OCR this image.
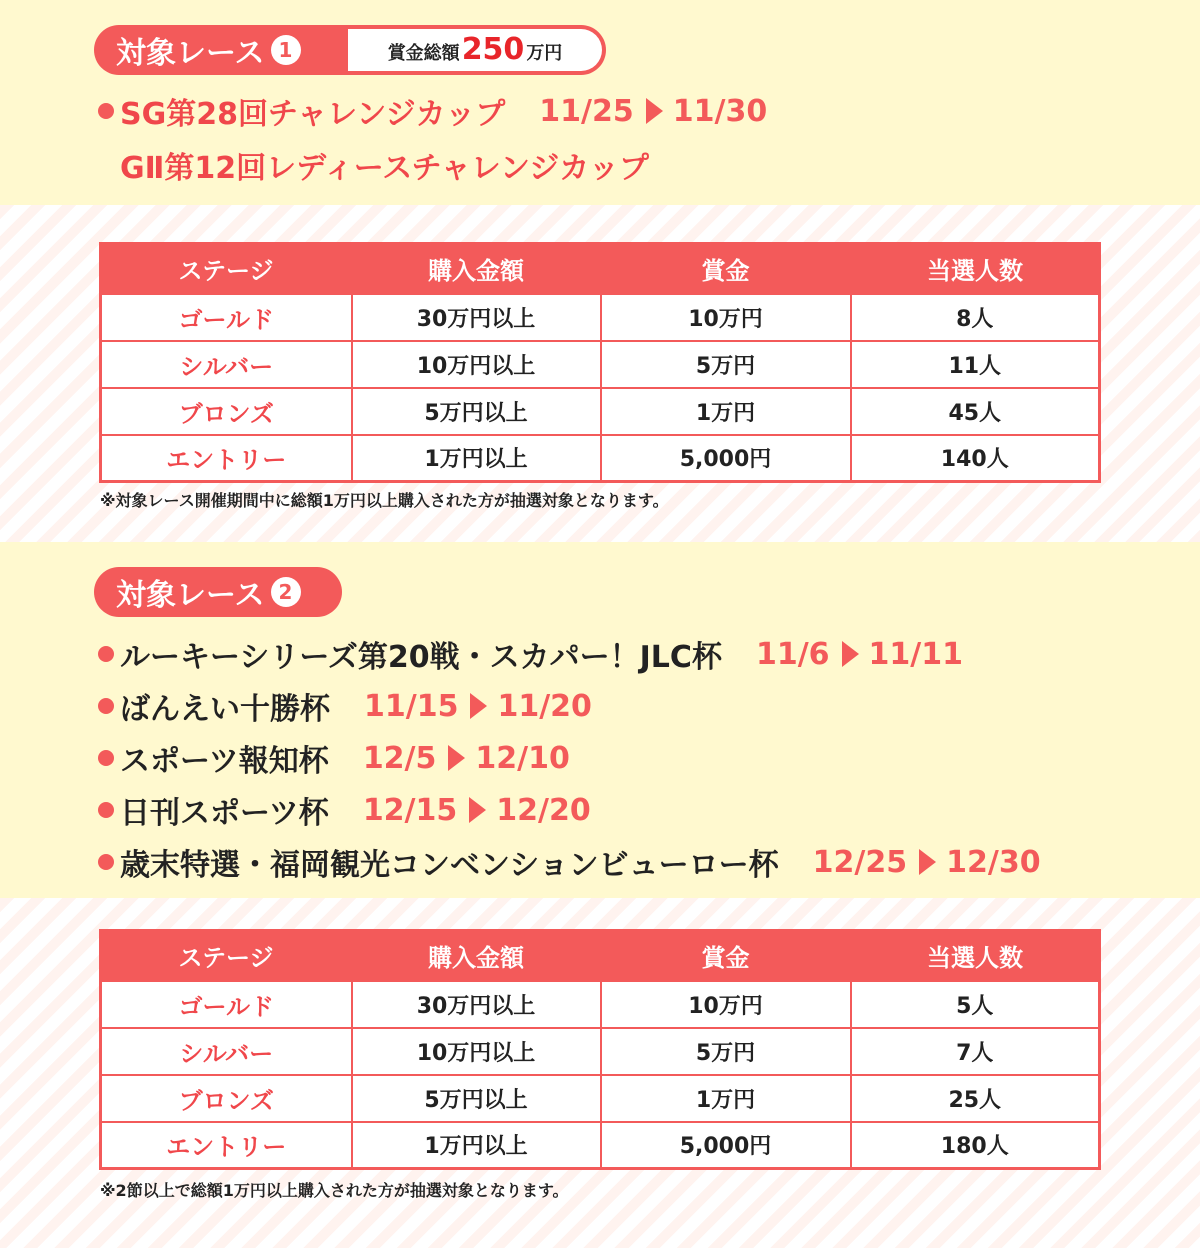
対象レース 1	賞金総額 250 万円
SG第28回チャレンジカップ 11/25 11/30
GⅡ第12回レディースチャレンジカップ
ステージ	購入金額	賞金	当選人数
ゴールド	30万円以上	10万円	8人
シルバー	10万円以上	5万円	11人
ブロンズ	5万円以上	1万円	45人
エントリー	1万円以上	5,000円	140人
※対象レース開催期間中に総額1万円以上購入された方が抽選対象となります。
対象レース 2
ルーキーシリーズ第20戦・スカパー！JLC杯 11/6 11/11
ばんえい十勝杯 11/15 11/20
スポーツ報知杯 12/5 12/10
日刊スポーツ杯 12/15 12/20
歳末特選・福岡観光コンベンションビューロー杯 12/25 12/30
ステージ	購入金額	賞金	当選人数
ゴールド	30万円以上	10万円	5人
シルバー	10万円以上	5万円	7人
ブロンズ	5万円以上	1万円	25人
エントリー	1万円以上	5,000円	180人
※2節以上で総額1万円以上購入された方が抽選対象となります。
